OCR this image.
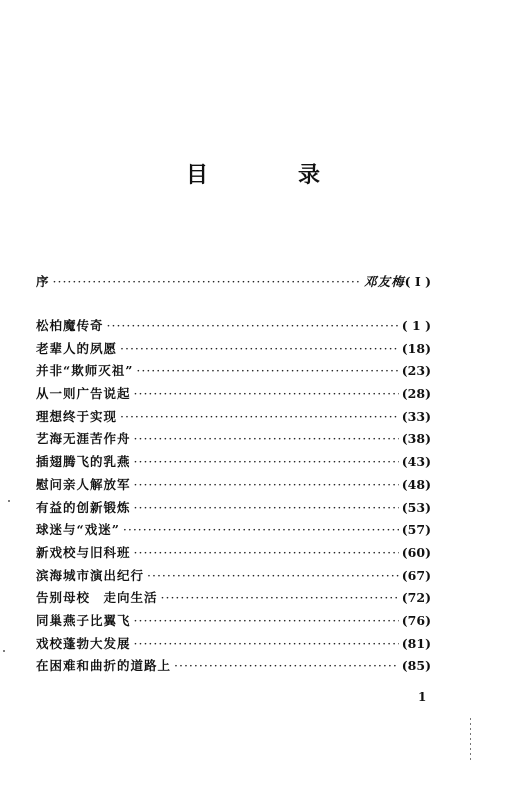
目　录
序 ·····	邓友梅 ( I )
松柏魔传奇 ·····	( 1 )
老辈人的夙愿 ·····	(18)
并非“欺师灭祖” ·····	(23)
从一则广告说起 ·····	(28)
理想终于实现 ·····	(33)
艺海无涯苦作舟 ·····	(38)
插翅腾飞的乳燕 ·····	(43)
慰问亲人解放军 ·····	(48)
有益的创新锻炼 ·····	(53)
球迷与“戏迷” ·····	(57)
新戏校与旧科班 ·····	(60)
滨海城市演出纪行 ·····	(67)
告别母校　走向生活 ·····	(72)
同巢燕子比翼飞 ·····	(76)
戏校蓬勃大发展 ·····	(81)
在困难和曲折的道路上 ·····	(85)
1
